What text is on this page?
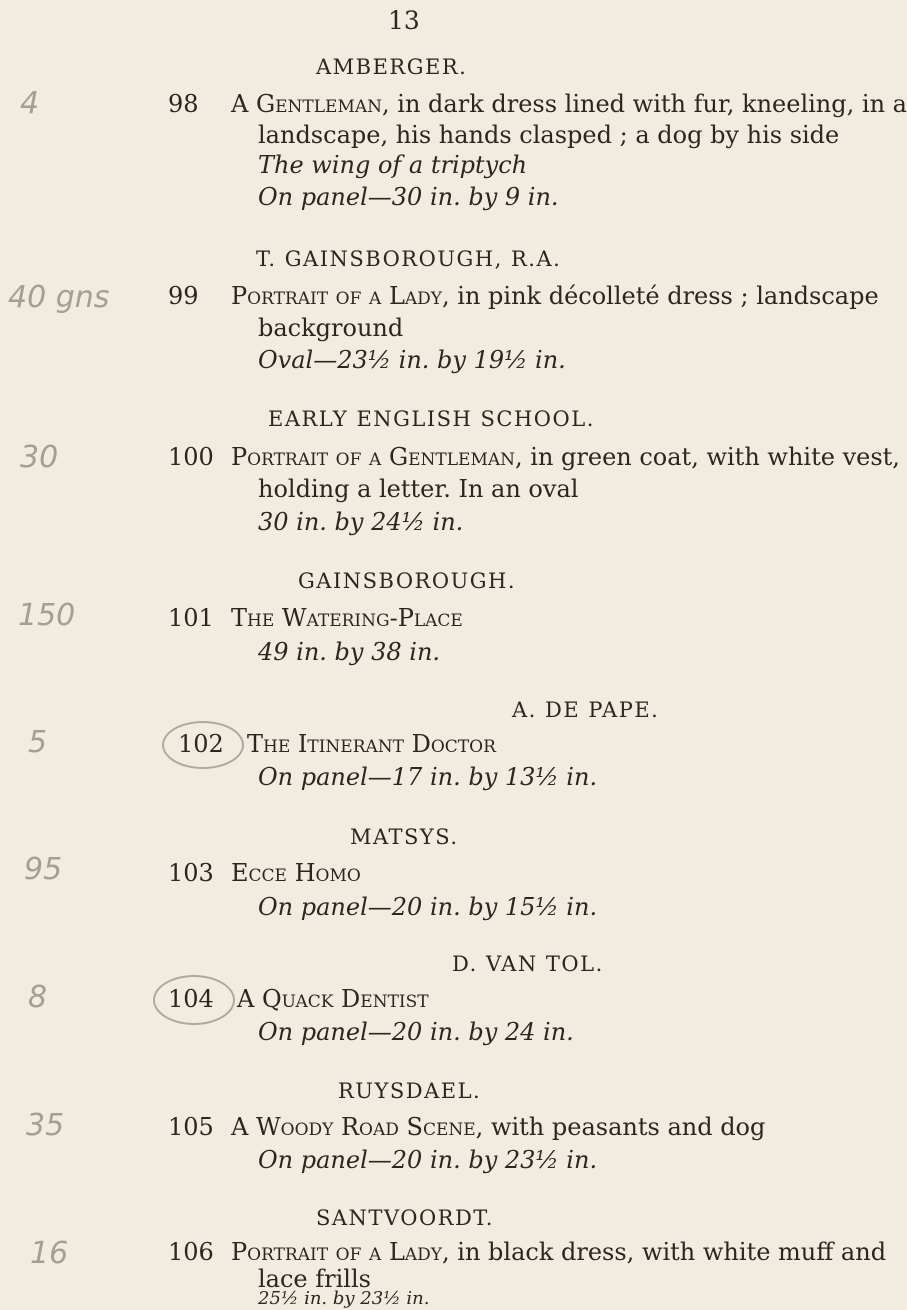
13
AMBERGER.
98 A Gentleman, in dark dress lined with fur, kneeling, in a
landscape, his hands clasped ; a dog by his side
The wing of a triptych
On panel—30 in. by 9 in.
T. GAINSBOROUGH, R.A.
99 Portrait of a Lady, in pink décolleté dress ; landscape
background
Oval—23½ in. by 19½ in.
EARLY ENGLISH SCHOOL.
100 Portrait of a Gentleman, in green coat, with white vest,
holding a letter. In an oval
30 in. by 24½ in.
GAINSBOROUGH.
101 The Watering-Place
49 in. by 38 in.
A. DE PAPE.
102 The Itinerant Doctor
On panel—17 in. by 13½ in.
MATSYS.
103 Ecce Homo
On panel—20 in. by 15½ in.
D. VAN TOL.
104 A Quack Dentist
On panel—20 in. by 24 in.
RUYSDAEL.
105 A Woody Road Scene, with peasants and dog
On panel—20 in. by 23½ in.
SANTVOORDT.
106 Portrait of a Lady, in black dress, with white muff and
lace frills
25½ in. by 23½ in.
4
40 gns
30
150
5
95
8
35
16
